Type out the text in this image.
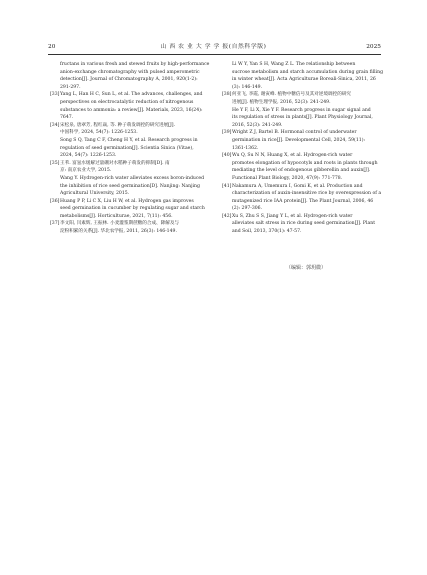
20	山 西 农 业 大 学 学 报(自然科学版)	2025
fructans in various fresh and stewed fruits by high-performance
anion-exchange chromatography with pulsed amperometric
detection[J]. Journal of Chromatography A, 2001, 920(1-2):
291-297.
[33] Yang L, Han H C, Sun L, et al. The advances, challenges, and
perspectives on electrocatalytic reduction of nitrogenous
substances to ammonia: a review[J]. Materials, 2023, 16(24):
7647.
[34] 宋松泉, 唐翠芳, 程红焱, 等. 种子萌发调控的研究进展[J].
中国科学, 2024, 54(7): 1226-1253.
Song S Q, Tang C F, Cheng H Y, et al. Research progress in
regulation of seed germination[J]. Scientia Sinica (Vitae),
2024, 54(7): 1226-1253.
[35] 王苇. 富氢水缓解过量硼对水稻种子萌发的抑制[D]. 南
京: 南京农业大学, 2015.
Wang Y. Hydrogen-rich water alleviates excess boron-induced
the inhibition of rice seed germination[D]. Nanjing: Nanjing
Agricultural University, 2015.
[36] Huang P P, Li C X, Liu H W, et al. Hydrogen gas improves
seed germination in cucumber by regulating sugar and starch
metabolisms[J]. Horticulturae, 2021, 7(11): 456.
[37] 李文阳, 闫素辉, 王振林. 小麦灌浆期蔗糖的合成、降解及与
淀粉积累的关系[J]. 华北农学报, 2011, 26(3): 146-149.
Li W Y, Yan S H, Wang Z L. The relationship between
sucrose metabolism and starch accumulation during grain filling
in winter wheat[J]. Acta Agriculturae Boreali-Sinica, 2011, 26
(3): 146-149.
[38] 何亚飞, 李霞, 谢寅峰. 植物中糖信号及其对逆境调控的研究
进展[J]. 植物生理学报, 2016, 52(3): 241-249.
He Y F, Li X, Xie Y F. Research progress in sugar signal and
its regulation of stress in plants[J]. Plant Physiology Journal,
2016, 52(3): 241-249.
[39] Wright Z J, Bartel B. Hormonal control of underwater
germination in rice[J]. Developmental Cell, 2024, 59(11):
1361-1362.
[40] Wu Q, Su N N, Huang X, et al. Hydrogen-rich water
promotes elongation of hypocotyls and roots in plants through
mediating the level of endogenous gibberellin and auxin[J].
Functional Plant Biology, 2020, 47(9): 771-778.
[41] Nakamura A, Umemura I, Gomi K, et al. Production and
characterization of auxin-insensitive rice by overexpression of a
mutagenized rice IAA protein[J]. The Plant Journal, 2006, 46
(2): 297-306.
[42] Xu S, Zhu S S, Jiang Y L, et al. Hydrogen-rich water
alleviates salt stress in rice during seed germination[J]. Plant
and Soil, 2013, 370(1): 47-57.
（编辑：郭玥微）
